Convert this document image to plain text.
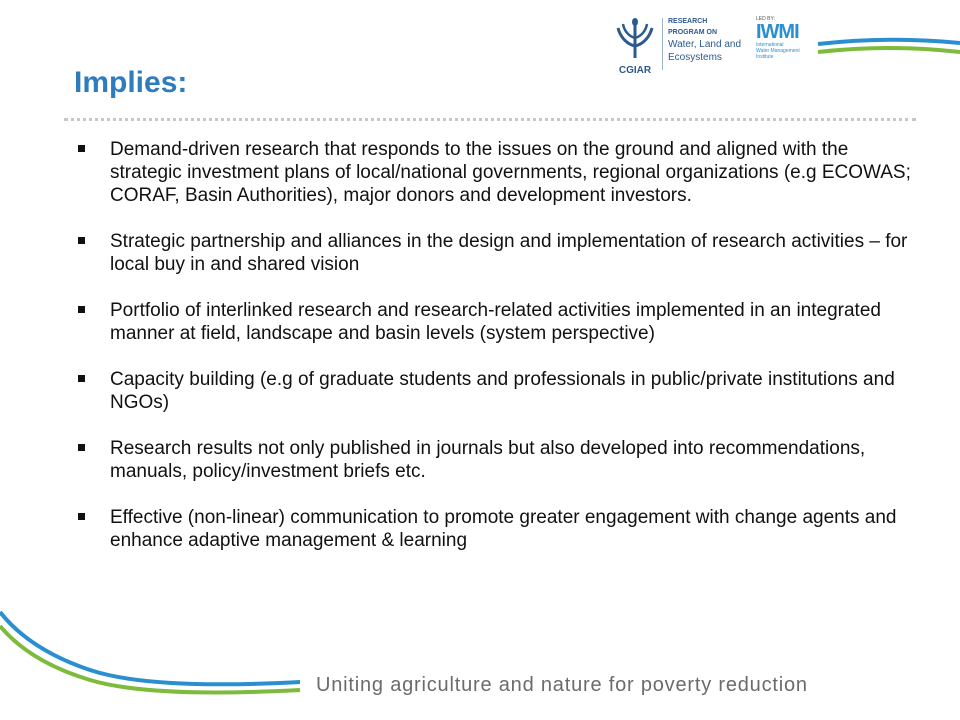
CGIAR
RESEARCH
PROGRAM ON
Water, Land and
Ecosystems
LED BY:
IWMI
International
Water Management
Institute
Implies:
Demand-driven research that responds to the issues on the ground and aligned with the strategic investment plans of local/national governments, regional organizations (e.g ECOWAS; CORAF, Basin Authorities), major donors and development investors.
Strategic partnership and alliances in the design and implementation of research activities – for local buy in and shared vision
Portfolio of interlinked research and research-related activities implemented in an integrated manner at field, landscape and basin levels (system perspective)
Capacity building (e.g of graduate students and professionals in public/private institutions and NGOs)
Research results not only published in journals but also developed into recommendations, manuals, policy/investment briefs etc.
Effective (non-linear) communication to promote greater engagement with change agents and enhance adaptive management & learning
Uniting agriculture and nature for poverty reduction
